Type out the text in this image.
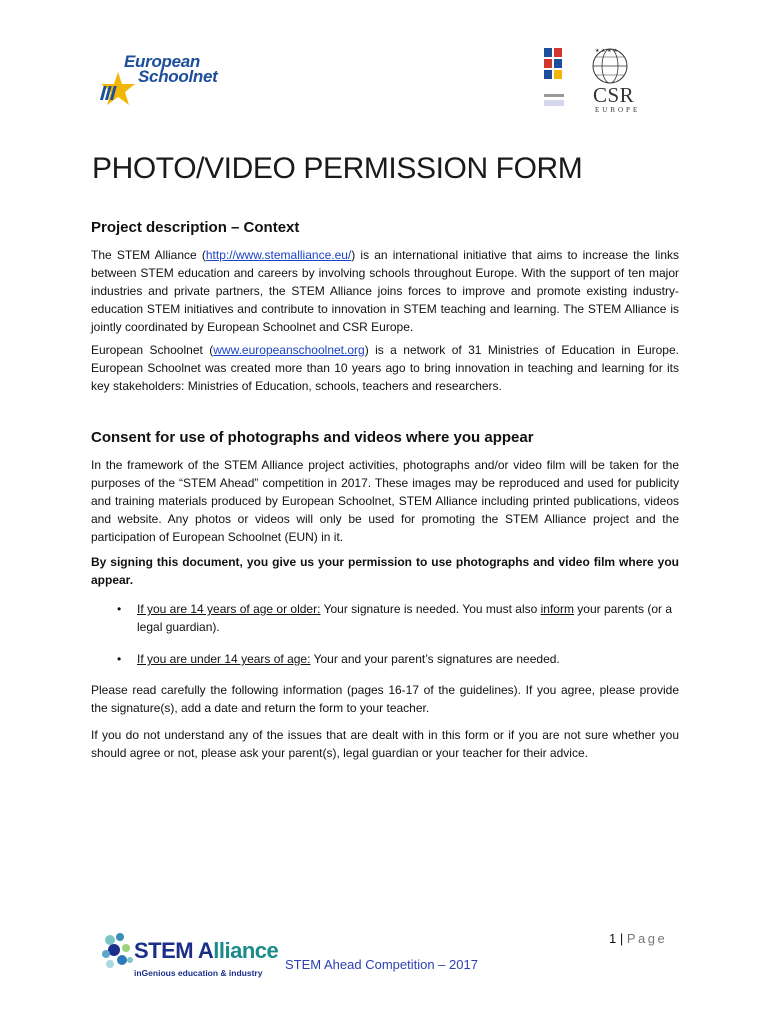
European
Schoolnet
★ ★ ★ ★
CSR
EUROPE
PHOTO/VIDEO PERMISSION FORM
Project description – Context
The STEM Alliance (http://www.stemalliance.eu/) is an international initiative that aims to increase the links between STEM education and careers by involving schools throughout Europe. With the support of ten major industries and private partners, the STEM Alliance joins forces to improve and promote existing industry-education STEM initiatives and contribute to innovation in STEM teaching and learning. The STEM Alliance is jointly coordinated by European Schoolnet and CSR Europe.
European Schoolnet (www.europeanschoolnet.org) is a network of 31 Ministries of Education in Europe. European Schoolnet was created more than 10 years ago to bring innovation in teaching and learning for its key stakeholders: Ministries of Education, schools, teachers and researchers.
Consent for use of photographs and videos where you appear
In the framework of the STEM Alliance project activities, photographs and/or video film will be taken for the purposes of the “STEM Ahead” competition in 2017. These images may be reproduced and used for publicity and training materials produced by European Schoolnet, STEM Alliance including printed publications, videos and website. Any photos or videos will only be used for promoting the STEM Alliance project and the participation of European Schoolnet (EUN) in it.
By signing this document, you give us your permission to use photographs and video film where you appear.
• If you are 14 years of age or older: Your signature is needed. You must also inform your parents (or a legal guardian).
• If you are under 14 years of age: Your and your parent’s signatures are needed.
Please read carefully the following information (pages 16-17 of the guidelines). If you agree, please provide the signature(s), add a date and return the form to your teacher.
If you do not understand any of the issues that are dealt with in this form or if you are not sure whether you should agree or not, please ask your parent(s), legal guardian or your teacher for their advice.
1 | Page
STEM Alliance
inGenious education & industry
STEM Ahead Competition – 2017
